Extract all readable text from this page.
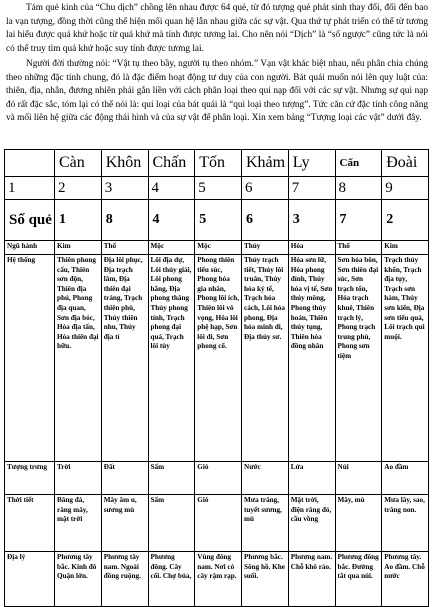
Tám quẻ kinh của “Chu dịch” chồng lên nhau được 64 quẻ, từ đó tượng quẻ phát sinh thay đổi, đối đến bao la vạn tượng, đồng thời cũng thể hiện mối quan hệ lẫn nhau giữa các sự vật. Qua thứ tự phát triển có thể từ tương lai hiểu được quá khứ hoặc từ quá khứ mà tính được tương lai. Cho nên nói “Dịch” là “số ngược” cũng tức là nói có thể truy tìm quá khứ hoặc suy tính được tương lai.

Người đời thường nói: “Vật tụ theo bầy, người tụ theo nhóm.” Vạn vật khác biệt nhau, nếu phân chia chúng theo những đặc tính chung, đó là đặc điểm hoạt động tư duy của con người. Bát quái muốn nói lên quy luật của: thiên, địa, nhân, đương nhiên phải gắn liền với cách phân loại theo qui nạp đối với các sự vật. Nhưng sự qui nạp đó rất đặc sắc, tóm lại có thể nói là: qui loại của bát quái là “qui loại theo tượng”. Tức căn cứ đặc tính công năng và mối liên hệ giữa các động thái hình và của sự vật để phân loại. Xin xem bảng “Tượng loại các vật” dưới đây.

	Càn	Khôn	Chấn	Tốn	Khảm	Ly	Cấn	Đoài
1	2	3	4	5	6	7	8	9
Số quẻ	1	8	4	5	6	3	7	2
Ngũ hành	Kim	Thổ	Mộc	Mộc	Thủy	Hỏa	Thổ	Kim
Hệ thống	Thiên phong cấu, Thiên sơn độn, Thiên địa phủ, Phong địa quan, Sơn địa bóc, Hỏa địa tấn, Hỏa thiên đại hữu.	Địa lôi phục, Địa trạch lâm, Địa thiên đại tráng, Trạch thiên phù, Thủy thiên nhu, Thủy địa tỉ	Lôi địa dự, Lôi thủy giải, Lôi phong hằng, Địa phong thăng Thủy phong tỉnh, Trạch phong đại quá, Trạch lôi tùy	Phong thiên tiểu súc, Phong hỏa gia nhân, Phong lôi ích, Thiên lôi vô vọng, Hỏa lôi phệ hạp, Sơn lôi di, Sơn phong cổ.	Thủy trạch tiết, Thủy lôi truân, Thủy hỏa ký tế, Trạch hỏa cách, Lôi hỏa phong, Địa hỏa minh di, Địa thủy sư.	Hỏa sơn lữ, Hỏa phong đỉnh, Thủy hỏa vị tế, Sơn thủy mông, Phong thủy hoán, Thiên thủy tụng, Thiên hỏa đồng nhân	Sơn hỏa bôn, Sơn thiên đại súc, Sơn trạch tổn, Hỏa trạch khuê, Thiên trạch lý, Phong trạch trung phù, Phong sơn tiệm	Trạch thủy khốn, Trạch địa tụy, Trạch sơn hàm, Thủy sơn kiển, Địa sơn tiểu quá, Lôi trạch qui muội.
Tượng trưng	Trời	Đất	Sấm	Gió	Nước	Lửa	Núi	Ao đầm
Thời tiết	Băng đá, răng mây, mặt trời	Mây âm u, sương mù	Sấm	Gió	Mưa trăng, tuyết sương, mù	Mặt trời, điện răng đỏ, cầu vồng	Mây, mù	Mưa lây, sao, trăng non.
Địa lý	Phương tây bắc. Kinh đô Quận lớn.	Phương tây nam. Ngoài đồng ruộng.	Phương đông. Cây cối. Chợ búa,	Vùng đông nam. Nơi có cây rậm rạp.	Phương bắc. Sông hồ. Khe suối.	Phương nam. Chỗ khô ráo.	Phương đông bắc. Đường tắt qua núi.	Phương tây. Ao đầm. Chỗ nước
